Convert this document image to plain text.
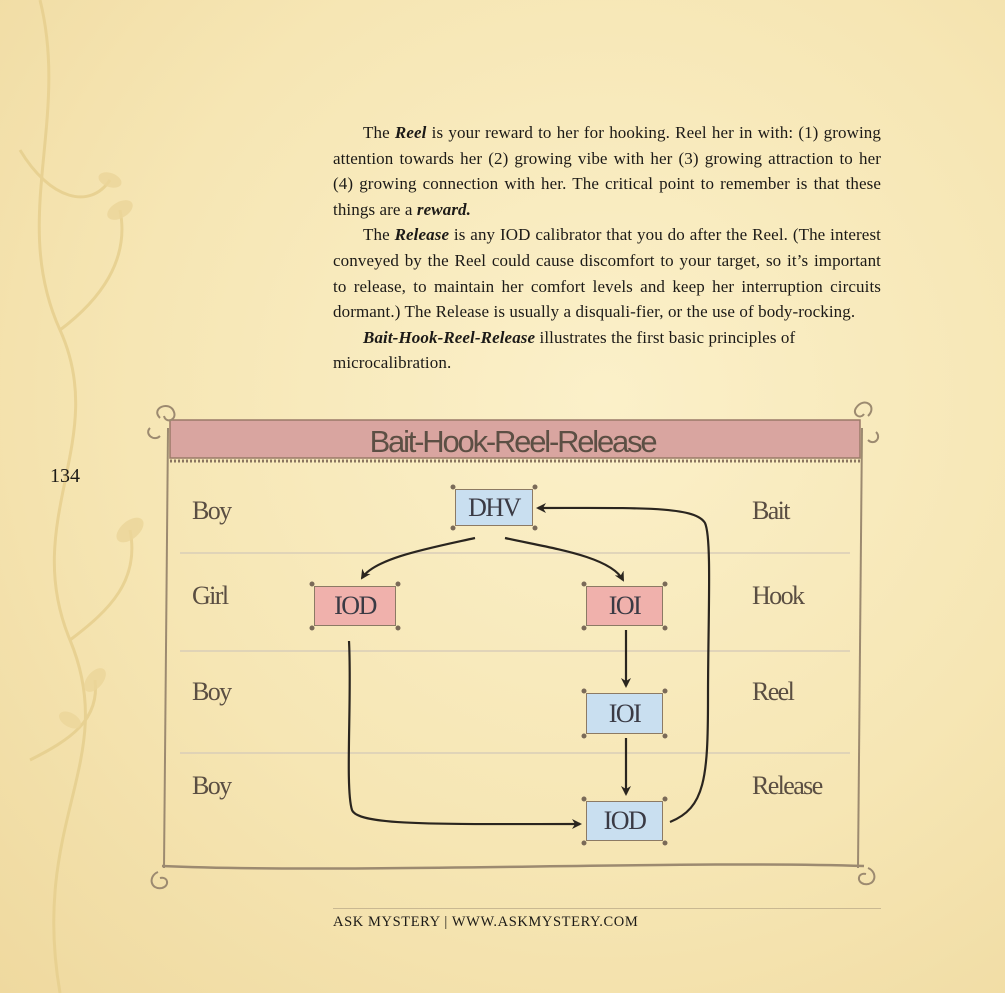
134

The Reel is your reward to her for hooking. Reel her in with: (1) growing attention towards her (2) growing vibe with her (3) growing attraction to her (4) growing connection with her. The critical point to remember is that these things are a reward.

The Release is any IOD calibrator that you do after the Reel. (The interest conveyed by the Reel could cause discomfort to your target, so it’s important to release, to maintain her comfort levels and keep her interruption circuits dormant.) The Release is usually a disquali-fier, or the use of body-rocking.

Bait-Hook-Reel-Release illustrates the first basic principles of microcalibration.

Bait-Hook-Reel-Release
Boy
Girl
Boy
Boy
Bait
Hook
Reel
Release
DHV
IOD	IOI
IOI
IOD
ASK MYSTERY | WWW.ASKMYSTERY.COM
